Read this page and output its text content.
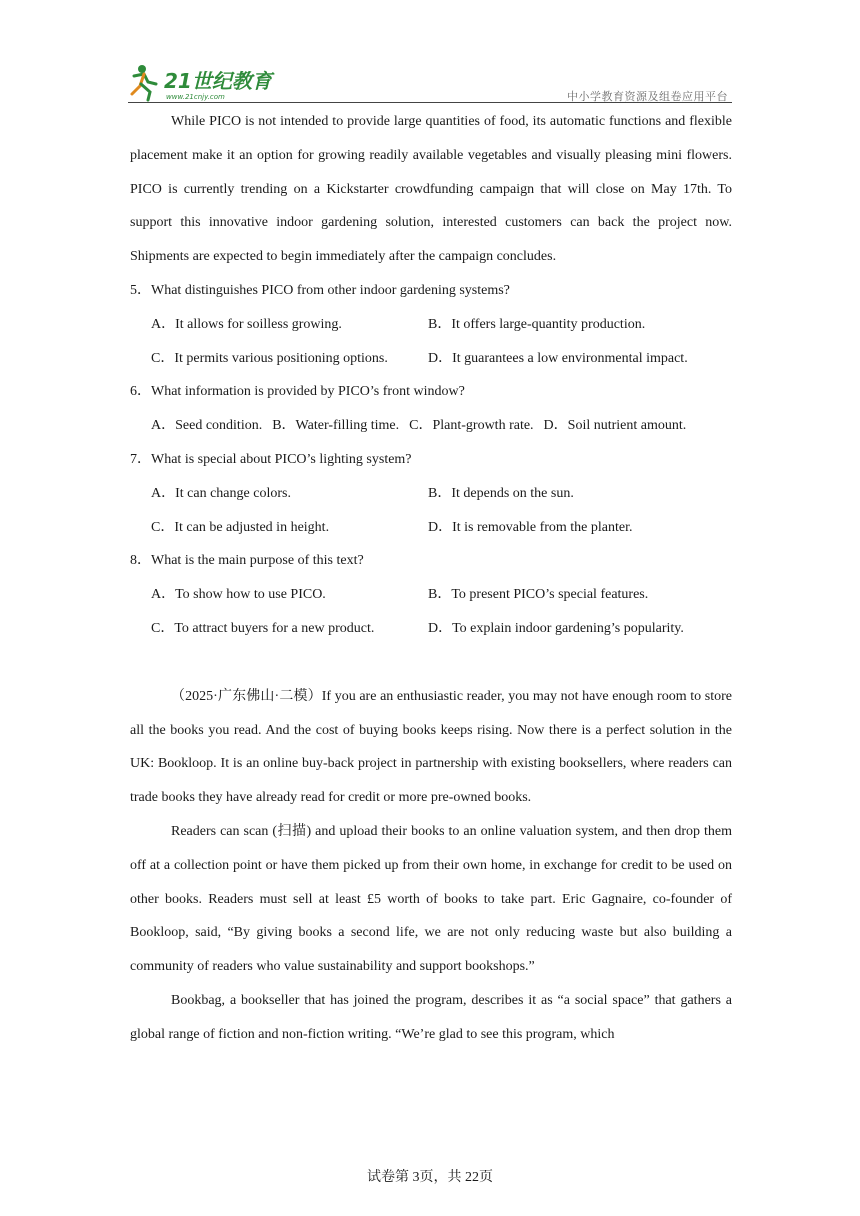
21世纪教育
www.21cnjy.com	中小学教育资源及组卷应用平台

While PICO is not intended to provide large quantities of food, its automatic functions and flexible placement make it an option for growing readily available vegetables and visually pleasing mini flowers. PICO is currently trending on a Kickstarter crowdfunding campaign that will close on May 17th. To support this innovative indoor gardening solution, interested customers can back the project now. Shipments are expected to begin immediately after the campaign concludes.

5．What distinguishes PICO from other indoor gardening systems?

A．It allows for soilless growing.	B．It offers large-quantity production.
C．It permits various positioning options.	D．It guarantees a low environmental impact.

6．What information is provided by PICO’s front window?

A．Seed condition. B．Water-filling time. C．Plant-growth rate. D．Soil nutrient amount.

7．What is special about PICO’s lighting system?

A．It can change colors.	B．It depends on the sun.
C．It can be adjusted in height.	D．It is removable from the planter.

8．What is the main purpose of this text?

A．To show how to use PICO.	B．To present PICO’s special features.
C．To attract buyers for a new product.	D．To explain indoor gardening’s popularity.

（2025·广东佛山·二模）If you are an enthusiastic reader, you may not have enough room to store all the books you read. And the cost of buying books keeps rising. Now there is a perfect solution in the UK: Bookloop. It is an online buy-back project in partnership with existing booksellers, where readers can trade books they have already read for credit or more pre-owned books.

Readers can scan (扫描) and upload their books to an online valuation system, and then drop them off at a collection point or have them picked up from their own home, in exchange for credit to be used on other books. Readers must sell at least £5 worth of books to take part. Eric Gagnaire, co-founder of Bookloop, said, “By giving books a second life, we are not only reducing waste but also building a community of readers who value sustainability and support bookshops.”

Bookbag, a bookseller that has joined the program, describes it as “a social space” that gathers a global range of fiction and non-fiction writing. “We’re glad to see this program, which

试卷第 3页，共 22页
